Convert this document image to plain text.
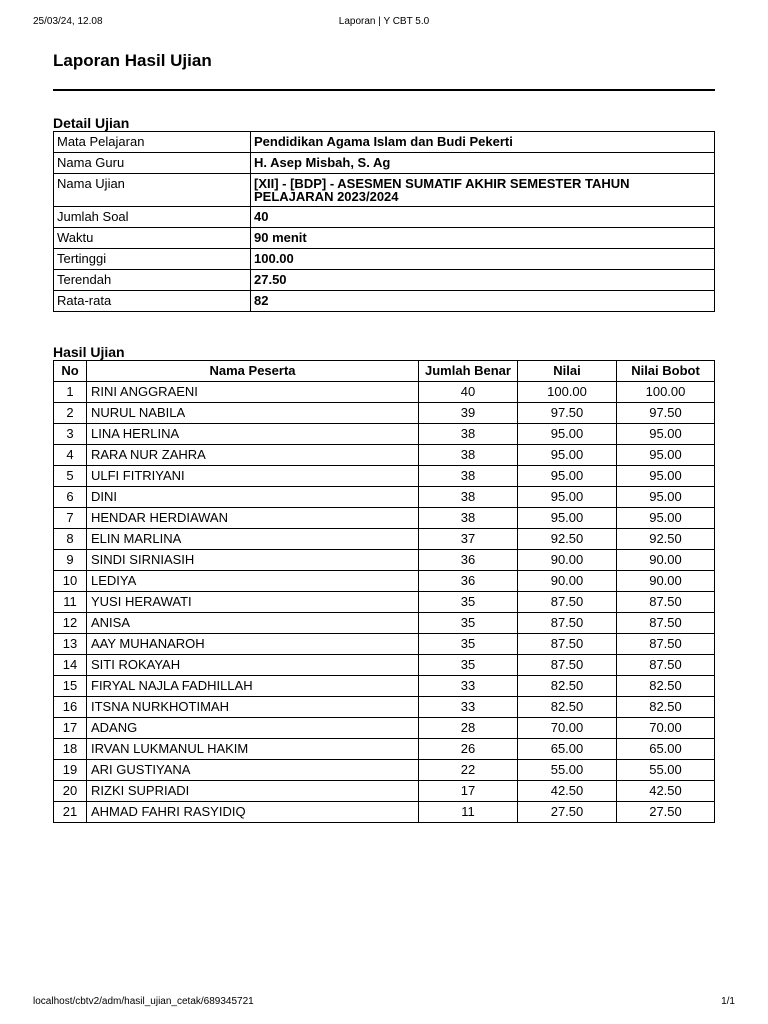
25/03/24, 12.08	Laporan | Y CBT 5.0
Laporan Hasil Ujian
Detail Ujian
Mata Pelajaran	Pendidikan Agama Islam dan Budi Pekerti
Nama Guru	H. Asep Misbah, S. Ag
Nama Ujian	[XII] - [BDP] - ASESMEN SUMATIF AKHIR SEMESTER TAHUN PELAJARAN 2023/2024
Jumlah Soal	40
Waktu	90 menit
Tertinggi	100.00
Terendah	27.50
Rata-rata	82
Hasil Ujian
No	Nama Peserta	Jumlah Benar	Nilai	Nilai Bobot
1	RINI ANGGRAENI	40	100.00	100.00
2	NURUL NABILA	39	97.50	97.50
3	LINA HERLINA	38	95.00	95.00
4	RARA NUR ZAHRA	38	95.00	95.00
5	ULFI FITRIYANI	38	95.00	95.00
6	DINI	38	95.00	95.00
7	HENDAR HERDIAWAN	38	95.00	95.00
8	ELIN MARLINA	37	92.50	92.50
9	SINDI SIRNIASIH	36	90.00	90.00
10	LEDIYA	36	90.00	90.00
11	YUSI HERAWATI	35	87.50	87.50
12	ANISA	35	87.50	87.50
13	AAY MUHANAROH	35	87.50	87.50
14	SITI ROKAYAH	35	87.50	87.50
15	FIRYAL NAJLA FADHILLAH	33	82.50	82.50
16	ITSNA NURKHOTIMAH	33	82.50	82.50
17	ADANG	28	70.00	70.00
18	IRVAN LUKMANUL HAKIM	26	65.00	65.00
19	ARI GUSTIYANA	22	55.00	55.00
20	RIZKI SUPRIADI	17	42.50	42.50
21	AHMAD FAHRI RASYIDIQ	11	27.50	27.50
localhost/cbtv2/adm/hasil_ujian_cetak/689345721	1/1
